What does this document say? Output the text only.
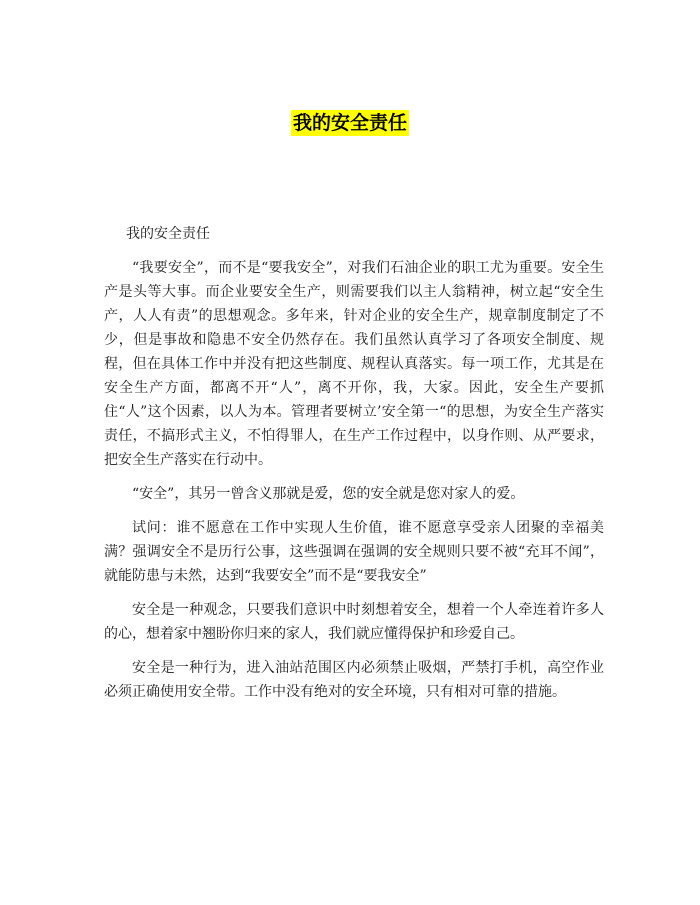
我的安全责任

我的安全责任

“我要安全”，而不是“要我安全”，对我们石油企业的职工尤为重要。安全生产是头等大事。而企业要安全生产，则需要我们以主人翁精神，树立起“安全生产，人人有责”的思想观念。多年来，针对企业的安全生产，规章制度制定了不少，但是事故和隐患不安全仍然存在。我们虽然认真学习了各项安全制度、规程，但在具体工作中并没有把这些制度、规程认真落实。每一项工作，尤其是在安全生产方面，都离不开“人”，离不开你，我，大家。因此，安全生产要抓住“人”这个因素，以人为本。管理者要树立’安全第一“的思想，为安全生产落实责任，不搞形式主义，不怕得罪人，在生产工作过程中，以身作则、从严要求，把安全生产落实在行动中。

“安全”，其另一曾含义那就是爱，您的安全就是您对家人的爱。

试问：谁不愿意在工作中实现人生价值，谁不愿意享受亲人团聚的幸福美满？强调安全不是历行公事，这些强调在强调的安全规则只要不被“充耳不闻”，就能防患与未然，达到“我要安全”而不是“要我安全”

安全是一种观念，只要我们意识中时刻想着安全，想着一个人牵连着许多人的心，想着家中翘盼你归来的家人，我们就应懂得保护和珍爱自己。

安全是一种行为，进入油站范围区内必须禁止吸烟，严禁打手机，高空作业必须正确使用安全带。工作中没有绝对的安全环境，只有相对可靠的措施。
